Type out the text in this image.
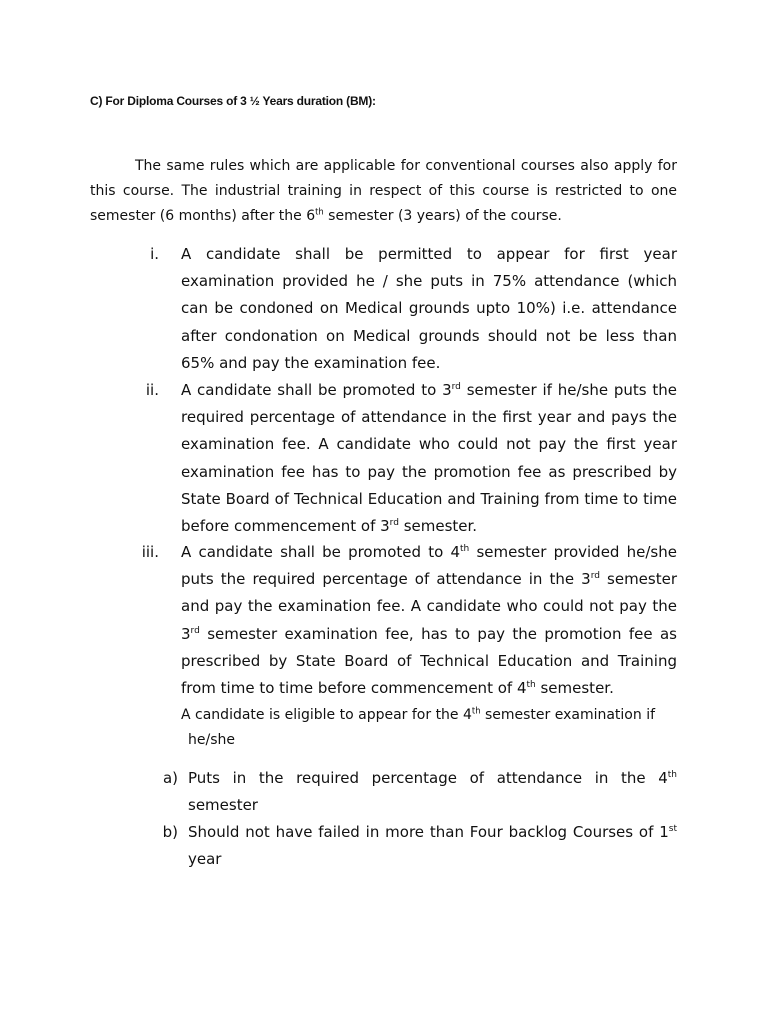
C) For Diploma Courses of 3 ½ Years duration (BM):
The same rules which are applicable for conventional courses also apply for this course. The industrial training in respect of this course is restricted to one semester (6 months) after the 6th semester (3 years) of the course.
i. A candidate shall be permitted to appear for first year examination provided he / she puts in 75% attendance (which can be condoned on Medical grounds upto 10%) i.e. attendance after condonation on Medical grounds should not be less than 65% and pay the examination fee.
ii. A candidate shall be promoted to 3rd semester if he/she puts the required percentage of attendance in the first year and pays the examination fee. A candidate who could not pay the first year examination fee has to pay the promotion fee as prescribed by State Board of Technical Education and Training from time to time before commencement of 3rd semester.
iii. A candidate shall be promoted to 4th semester provided he/she puts the required percentage of attendance in the 3rd semester and pay the examination fee. A candidate who could not pay the 3rd semester examination fee, has to pay the promotion fee as prescribed by State Board of Technical Education and Training from time to time before commencement of 4th semester.
A candidate is eligible to appear for the 4th semester examination if
he/she
a) Puts in the required percentage of attendance in the 4th semester
b) Should not have failed in more than Four backlog Courses of 1st year
